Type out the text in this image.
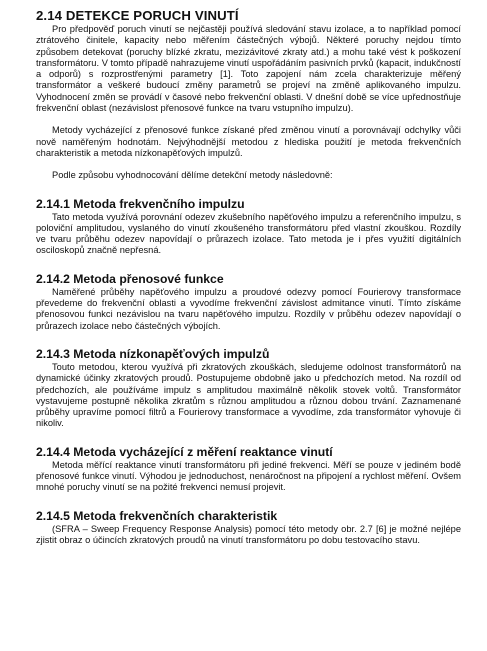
2.14 DETEKCE PORUCH VINUTÍ

Pro předpověď poruch vinutí se nejčastěji používá sledování stavu izolace, a to například pomocí ztrátového činitele, kapacity nebo měřením částečných výbojů. Některé poruchy nejdou tímto způsobem detekovat (poruchy blízké zkratu, mezizávitové zkraty atd.) a mohu také vést k poškození transformátoru. V tomto případě nahrazujeme vinutí uspořádáním pasivních prvků (kapacit, indukčností a odporů) s rozprostřenými parametry [1]. Toto zapojení nám zcela charakterizuje měřený transformátor a veškeré budoucí změny parametrů se projeví na změně aplikovaného impulzu. Vyhodnocení změn se provádí v časové nebo frekvenční oblasti. V dnešní době se více upřednostňuje frekvenční oblast (nezávislost přenosové funkce na tvaru vstupního impulzu).

Metody vycházející z přenosové funkce získané před změnou vinutí a porovnávají odchylky vůči nově naměřeným hodnotám. Nejvýhodnější metodou z hlediska použití je metoda frekvenčních charakteristik a metoda nízkonapěťových impulzů.

Podle způsobu vyhodnocování dělíme detekční metody následovně:

2.14.1 Metoda frekvenčního impulzu

Tato metoda využívá porovnání odezev zkušebního napěťového impulzu a referenčního impulzu, s poloviční amplitudou, vyslaného do vinutí zkoušeného transformátoru před vlastní zkouškou. Rozdíly ve tvaru průběhu odezev napovídají o průrazech izolace. Tato metoda je i přes využití digitálních osciloskopů značně nepřesná.

2.14.2 Metoda přenosové funkce

Naměřené průběhy napěťového impulzu a proudové odezvy pomocí Fourierovy transformace převedeme do frekvenční oblasti a vyvodíme frekvenční závislost admitance vinutí. Tímto získáme přenosovou funkci nezávislou na tvaru napěťového impulzu. Rozdíly v průběhu odezev napovídají o průrazech izolace nebo částečných výbojích.

2.14.3 Metoda nízkonapěťových impulzů

Touto metodou, kterou využívá při zkratových zkouškách, sledujeme odolnost transformátorů na dynamické účinky zkratových proudů. Postupujeme obdobně jako u předchozích metod. Na rozdíl od předchozích, ale používáme impulz s amplitudou maximálně několik stovek voltů. Transformátor vystavujeme postupně několika zkratům s různou amplitudou a různou dobou trvání. Zaznamenané průběhy upravíme pomocí filtrů a Fourierovy transformace a vyvodíme, zda transformátor vyhovuje či nikoliv.

2.14.4 Metoda vycházející z měření reaktance vinutí

Metoda měřící reaktance vinutí transformátoru při jediné frekvenci. Měří se pouze v jediném bodě přenosové funkce vinutí. Výhodou je jednoduchost, nenáročnost na připojení a rychlost měření. Ovšem mnohé poruchy vinutí se na požité frekvenci nemusí projevit.

2.14.5 Metoda frekvenčních charakteristik

(SFRA – Sweep Frequency Response Analysis) pomocí této metody obr. 2.7 [6] je možné nejlépe zjistit obraz o účincích zkratových proudů na vinutí transformátoru po dobu testovacího stavu.
